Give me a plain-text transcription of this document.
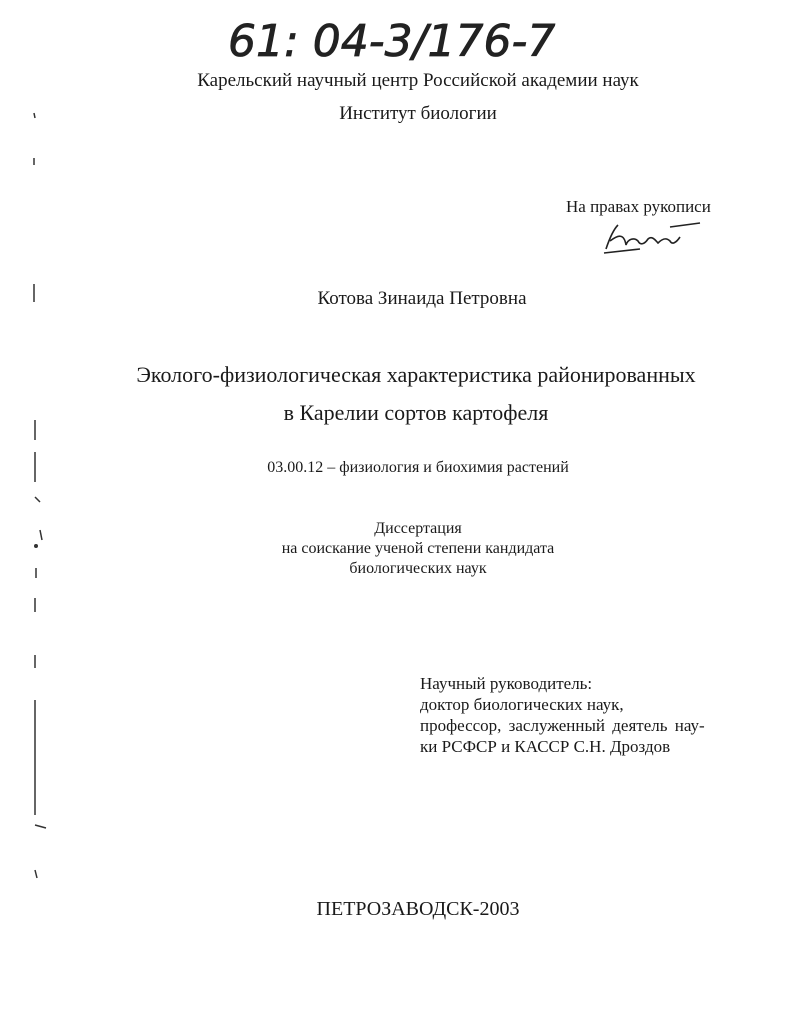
61: 04-3/176-7
Карельский научный центр Российской академии наук
Институт биологии
На правах рукописи
Котова Зинаида Петровна
Эколого-физиологическая характеристика районированных
в Карелии сортов картофеля
03.00.12 – физиология и биохимия растений
Диссертация
на соискание ученой степени кандидата
биологических наук
Научный руководитель:
доктор биологических наук,
профессор, заслуженный деятель нау-
ки РСФСР и КАССР С.Н. Дроздов
ПЕТРОЗАВОДСК-2003
